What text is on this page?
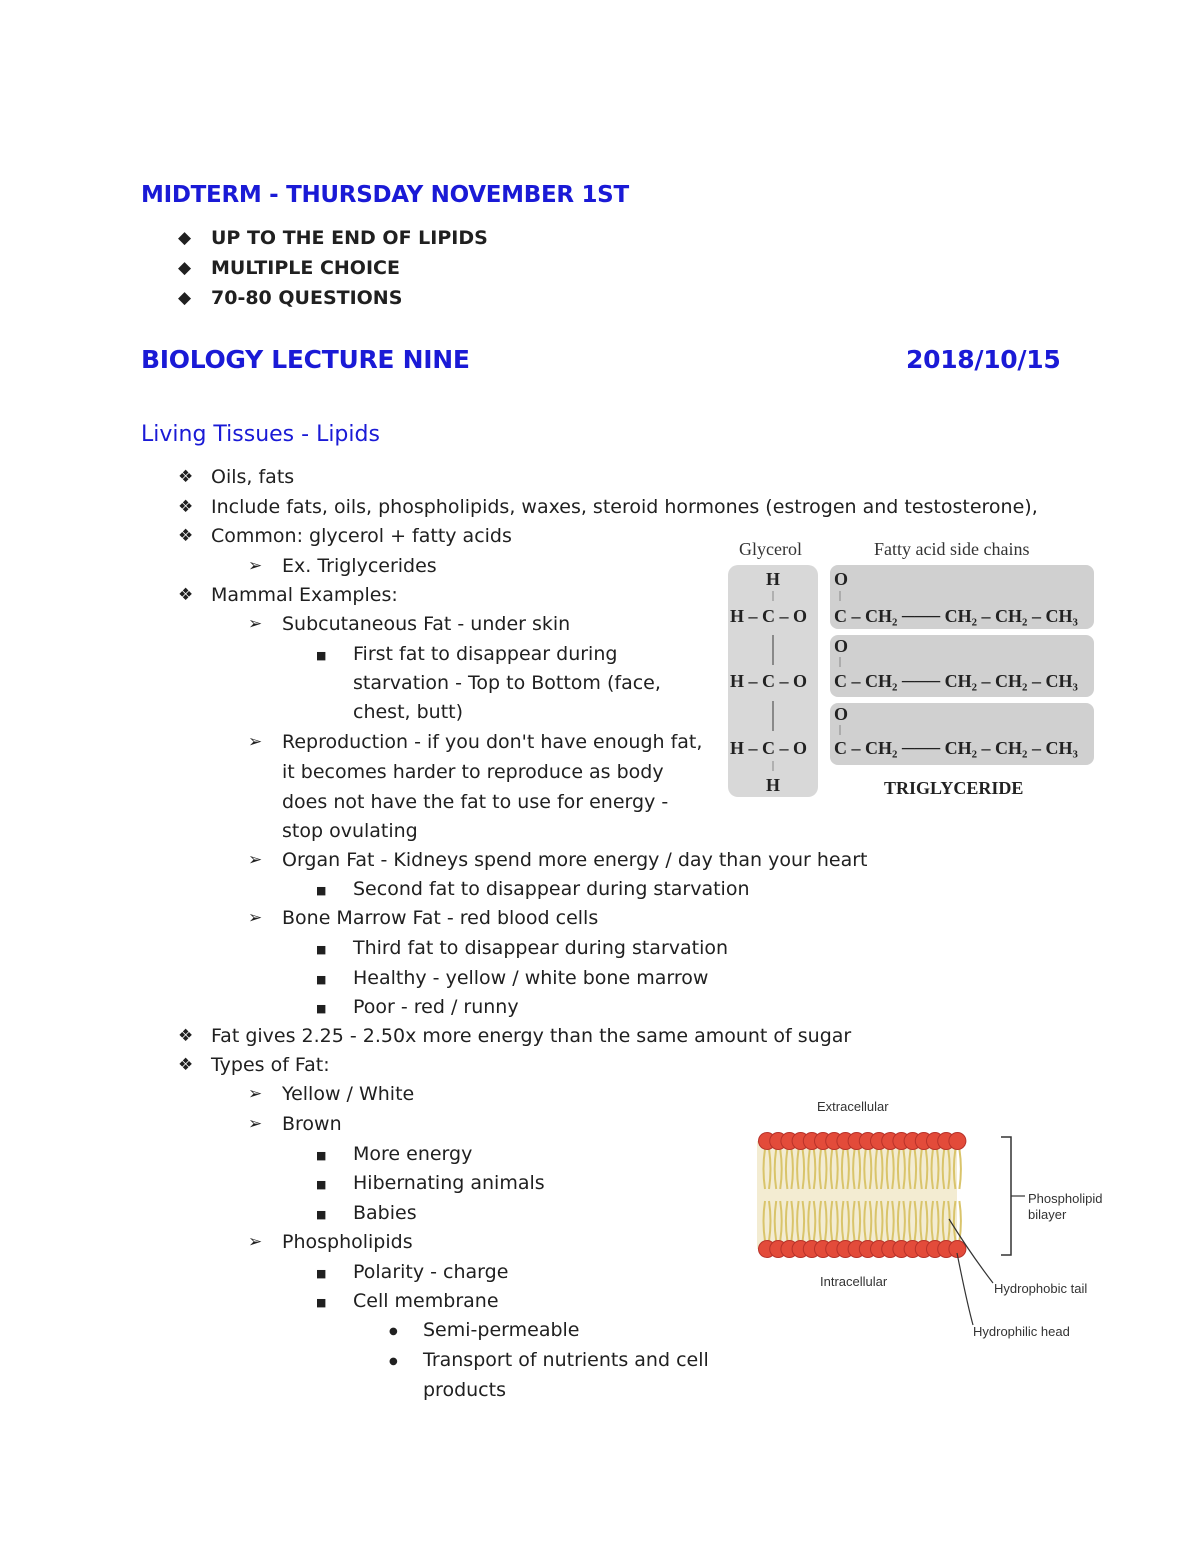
MIDTERM - THURSDAY NOVEMBER 1ST
◆ UP TO THE END OF LIPIDS
◆ MULTIPLE CHOICE
◆ 70-80 QUESTIONS
BIOLOGY LECTURE NINE	2018/10/15
Living Tissues - Lipids
❖ Oils, fats
❖ Include fats, oils, phospholipids, waxes, steroid hormones (estrogen and testosterone),
❖ Common: glycerol + fatty acids
➢ Ex. Triglycerides
❖ Mammal Examples:
➢ Subcutaneous Fat - under skin
■ First fat to disappear during
starvation - Top to Bottom (face,
chest, butt)
➢ Reproduction - if you don't have enough fat,
it becomes harder to reproduce as body
does not have the fat to use for energy -
stop ovulating
➢ Organ Fat - Kidneys spend more energy / day than your heart
■ Second fat to disappear during starvation
➢ Bone Marrow Fat - red blood cells
■ Third fat to disappear during starvation
■ Healthy - yellow / white bone marrow
■ Poor - red / runny
❖ Fat gives 2.25 - 2.50x more energy than the same amount of sugar
❖ Types of Fat:
➢ Yellow / White
➢ Brown
■ More energy
■ Hibernating animals
■ Babies
➢ Phospholipids
■ Polarity - charge
■ Cell membrane
● Semi-permeable
● Transport of nutrients and cell
products
Glycerol	Fatty acid side chains
H
H – C – O
O
C – CH₂ ─── CH₂ – CH₂ – CH₃
O
H – C – O C – CH₂ ─── CH₂ – CH₂ – CH₃
O
H – C – O C – CH₂ ─── CH₂ – CH₂ – CH₃
H	TRIGLYCERIDE
Extracellular
Intracellular
Phospholipid
bilayer
Hydrophobic tail
Hydrophilic head
